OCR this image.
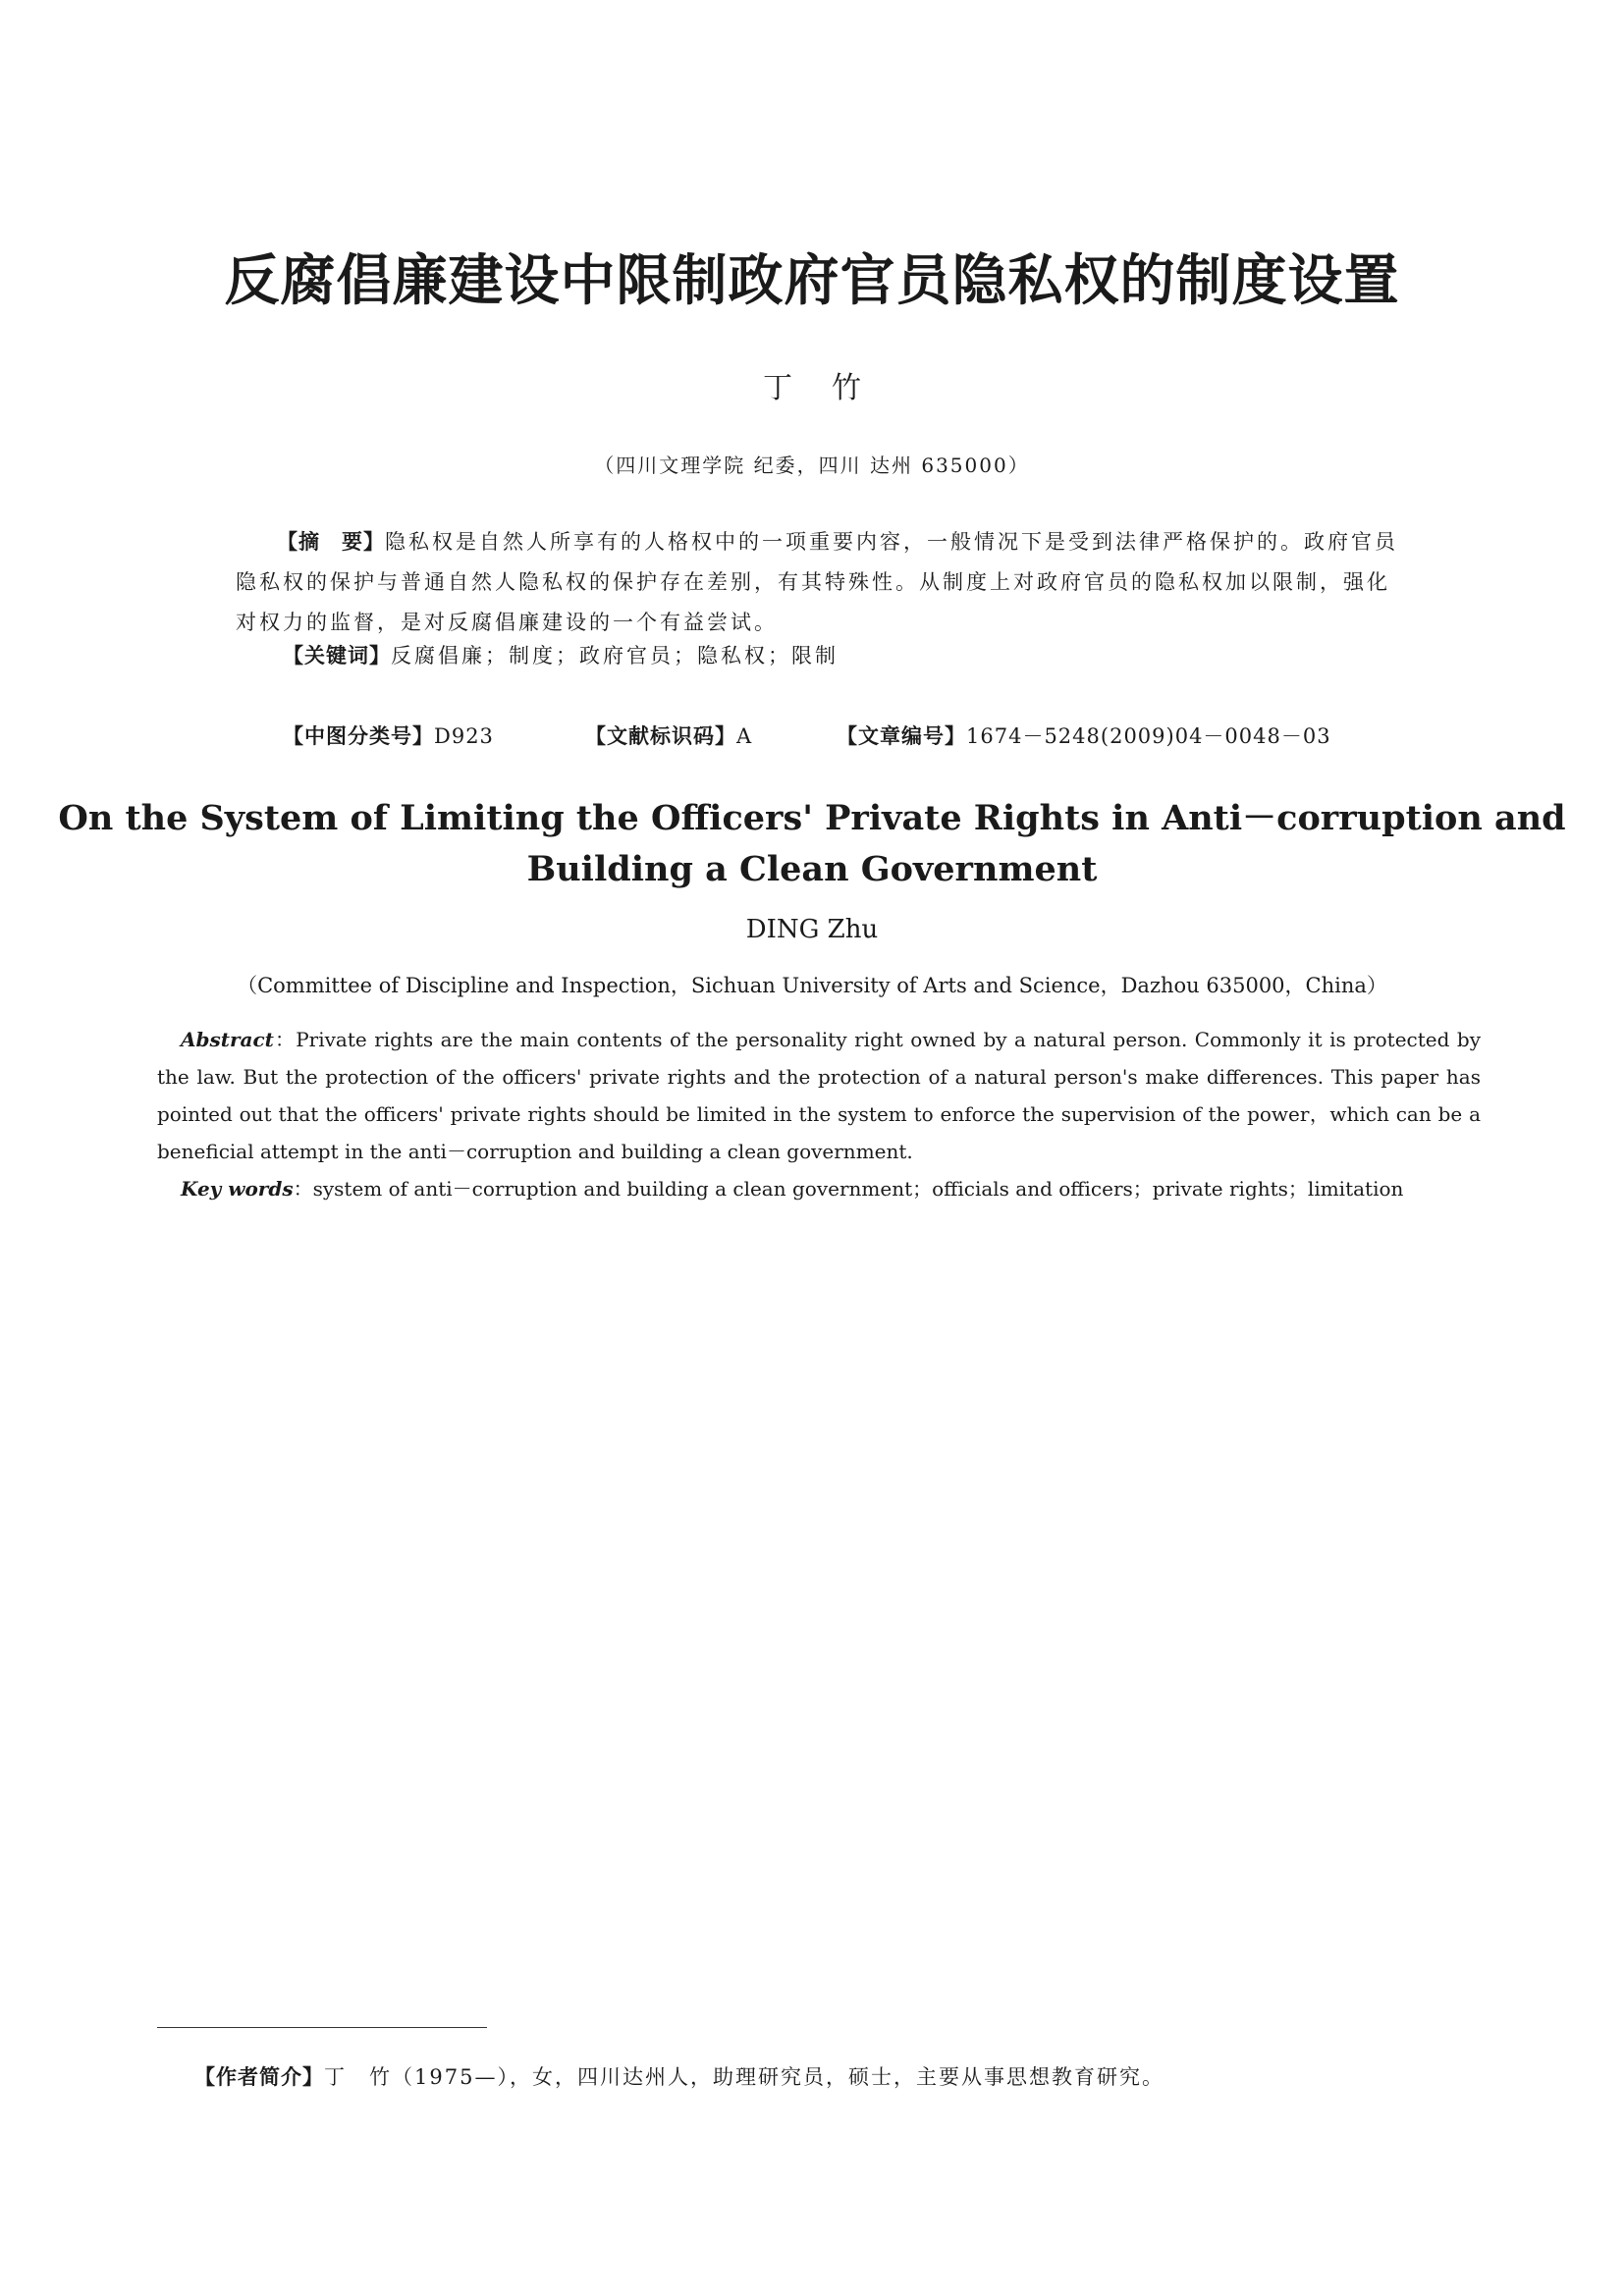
反腐倡廉建设中限制政府官员隐私权的制度设置
丁竹
（四川文理学院 纪委，四川 达州 635000）

【摘　要】隐私权是自然人所享有的人格权中的一项重要内容，一般情况下是受到法律严格保护的。政府官员隐私权的保护与普通自然人隐私权的保护存在差别，有其特殊性。从制度上对政府官员的隐私权加以限制，强化对权力的监督，是对反腐倡廉建设的一个有益尝试。

【关键词】反腐倡廉；制度；政府官员；隐私权；限制
【中图分类号】D923	【文献标识码】A	【文章编号】1674－5248(2009)04－0048－03
On the System of Limiting the Officers' Private Rights in Anti－corruption and
Building a Clean Government
DING Zhu
（Committee of Discipline and Inspection，Sichuan University of Arts and Science，Dazhou 635000，China）

Abstract：Private rights are the main contents of the personality right owned by a natural person. Commonly it is protected by the law. But the protection of the officers' private rights and the protection of a natural person's make differences. This paper has pointed out that the officers' private rights should be limited in the system to enforce the supervision of the power，which can be a beneficial attempt in the anti－corruption and building a clean government.

Key words：system of anti－corruption and building a clean government；officials and officers；private rights；limitation
【作者简介】丁　竹（1975—），女，四川达州人，助理研究员，硕士，主要从事思想教育研究。
